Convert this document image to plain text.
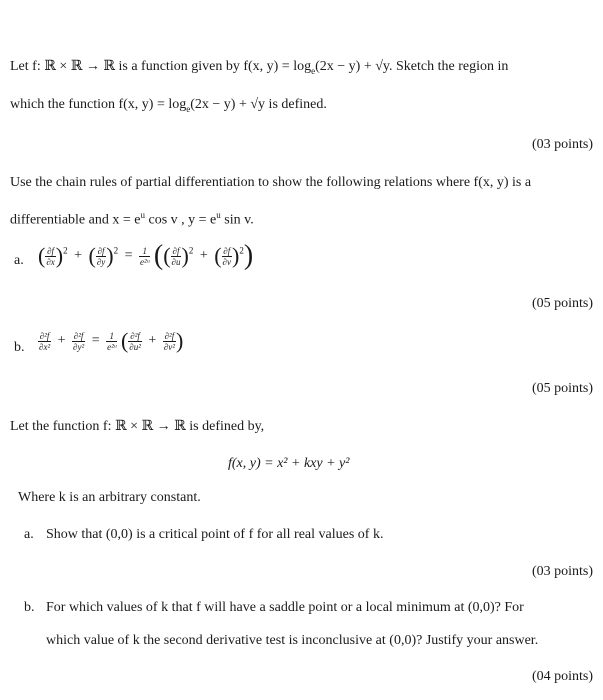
Let f: ℝ × ℝ → ℝ is a function given by f(x, $y) = \log_e(2x - y) + √y$. Sketch the region in
which the function f(x, $y) = \log_e(2x - y) + √y$ is defined.
(03 points)
Use the chain rules of partial differentiation to show the following relations where f(x, y) is a
differentiable and $x = e^u$ cos v , $y = e^u$ sin v.
a. ( $\frac{\partial f}{\partial x} )^2$ + ( $\frac{\partial f}{\partial y} )^2 = \frac{1}{\text{e²ᵘ}}$ (( $\frac{\partial f}{\partial u} )^2$ + ( $\frac{\partial f}{\partial v} )^2$)
(05 points)
b. $\frac{\text{∂²f}}{\text{∂x²}} + \frac{\text{∂²f}}{\text{∂y²}} = \frac{1}{\text{e²ᵘ}}$ ( $\frac{\text{∂²f}}{\text{∂u²}} + \frac{\text{∂²f}}{\text{∂v²}}$ )
(05 points)
Let the function f: ℝ × ℝ → ℝ is defined by,
f(x, y) = x² + kxy + y²
Where k is an arbitrary constant.
a. Show that (0,0) is a critical point of f for all real values of k.
(03 points)
b. For which values of k that f will have a saddle point or a local minimum at (0,0)? For
which value of k the second derivative test is inconclusive at (0,0)? Justify your answer.
(04 points)
